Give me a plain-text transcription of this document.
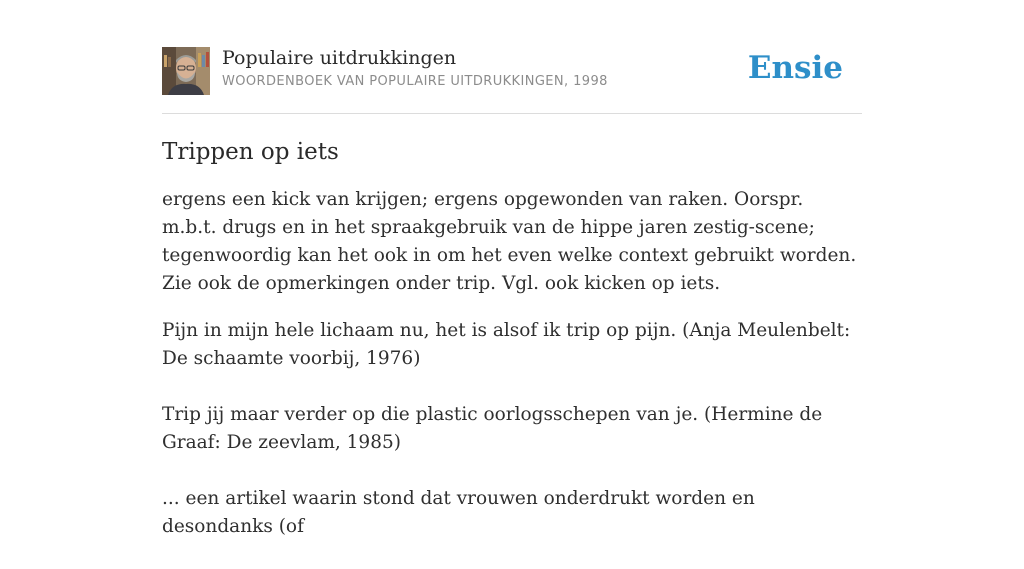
Populaire uitdrukkingen
WOORDENBOEK VAN POPULAIRE UITDRUKKINGEN, 1998	Ensie
Trippen op iets
ergens een kick van krijgen; ergens opgewonden van raken. Oorspr. m.b.t. drugs en in het spraakgebruik van de hippe jaren zestig-scene; tegenwoordig kan het ook in om het even welke context gebruikt worden. Zie ook de opmerkingen onder trip. Vgl. ook kicken op iets.

Pijn in mijn hele lichaam nu, het is alsof ik trip op pijn. (Anja Meulenbelt: De schaamte voorbij, 1976)

Trip jij maar verder op die plastic oorlogsschepen van je. (Hermine de Graaf: De zeevlam, 1985)

... een artikel waarin stond dat vrouwen onderdrukt worden en desondanks (of
